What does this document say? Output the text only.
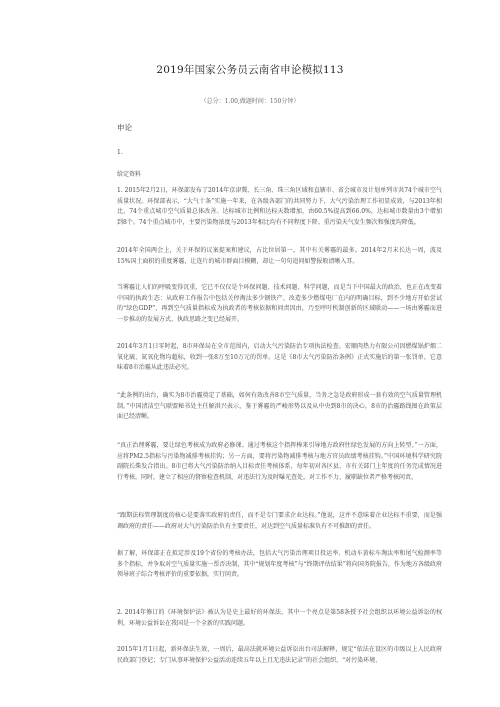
2019年国家公务员云南省申论模拟113
（总分：1.00,做题时间：150分钟）
申论
1.
给定资料
1. 2015年2月2日，环保部发布了2014年京津冀、长三角、珠三角区域和直辖市、省会城市及计划单列市共74个城市空气质量状况。环保部表示，“大气十条”实施一年来，在各级各部门的共同努力下，大气污染治理工作初显成效，与2013年相比，74个重点城市空气质量总体改善。达标城市比例和达标天数增加，由60.5%提高到66.0%，达标城市数量由3个增加到8个。74个重点城市中，主要污染物浓度与2013年相比均有不同程度下降。重污染天气发生频次和强度均降低。
2014年全国两会上，关于环保的议案提案和建议，占比位居第一，其中有关雾霾的最多。2014年2月末长达一周，波及15%国土面积的重度雾霾，让连片的城市群面目模糊，却让一句句追问如警报般清晰入耳。
当雾霾让人们的呼吸变得沉重，它已不仅仅是个环保问题、技术问题、科学问题，而是当下中国最大的政治，也正在改变着中国的执政生态：从政府工作报告中包括关停淘汰多少钢铁产、改造多少燃煤电厂在内的明确目标，到不少地方开始尝试的“绿色GDP”，再到空气质量指标成为执政者的考核依据和问责因由，乃至呼吁机制创新的区域联动——一场由雾霾而进一步推动的发展方式、执政思路之变已经展开。
2014年3月1日零时起，8市环保局在全市范围内，启动大气污染防治专项执法检查。宏顺肉热力有限公司因燃煤锅炉烟二氧化硫、氮氧化物均超标，收到一张8万至10万元的罚单。这是《8市大气污染防治条例》正式实施后的第一张罚单，它意味着8市治霾从此违法必究。
“此条例的出台，确实为8市治霾奠定了基础，如何有效改善8市空气质量，当务之急是政府形成一套有效的空气质量管理机制。”中国清洁空气联盟秘书处主任解洪兴表示，鉴于雾霾的严峻形势以及从中央到8市的决心，8市的治霾路线图在政策层面已经清晰。
“真正治理雾霾，要让绿色考核成为政府必修课。通过考核这个指挥棒来引导地方政府往绿色发展的方向上转型。”一方面，应将PM2.5指标与污染物减排考核挂钩；另一方面，要将污染物减排考核与地方官员政绩考核挂钩。”中国环境科学研究院副院长柴发合指出。8市已将大气污染防治纳入目标责任考核体系，每年初对各区县、市有关部门上年度的任务完成情况进行考核。同时，建立了相应的督察检查机制，对违法行为及时曝光查处。对工作不力、履职缺位者严格考核问责。
“跟期法标管理制度的核心是要落实政府的责任，而不是专门要求企业达标。”他说，这并不意味着企业达标不重要，而是强调政府的责任——政府对大气污染防治负有主要责任，对达到空气质量标准负有不可推卸的责任。
据了解，环保部正在拟定涉及19个省份的考核办法，包括大气污染治理项目投运率、机动车黄标车淘汰率和尾气检测率等多个指标，并争取对空气质量实施一票否决制，其中“规划年度考核”与“终期评估结果”将向国务院报告，作为地方各级政府领导班子综合考核评价的重要依据，实行问责。
2. 2014年修订的《环境保护法》被认为是史上最好的环保法，其中一个亮点是第58条授予社会组织以环境公益诉讼的权利，环境公益诉讼在我国是一个全新的实践问题。
2015年1月1日起，新环保法生效，一周后，最高法就环境公益诉讼出台司法解释，规定“依法在设区的市级以上人民政府民政部门登记；专门从事环境保护公益活动连续五年以上且无违法记录”的社会组织，“对污染环境、
